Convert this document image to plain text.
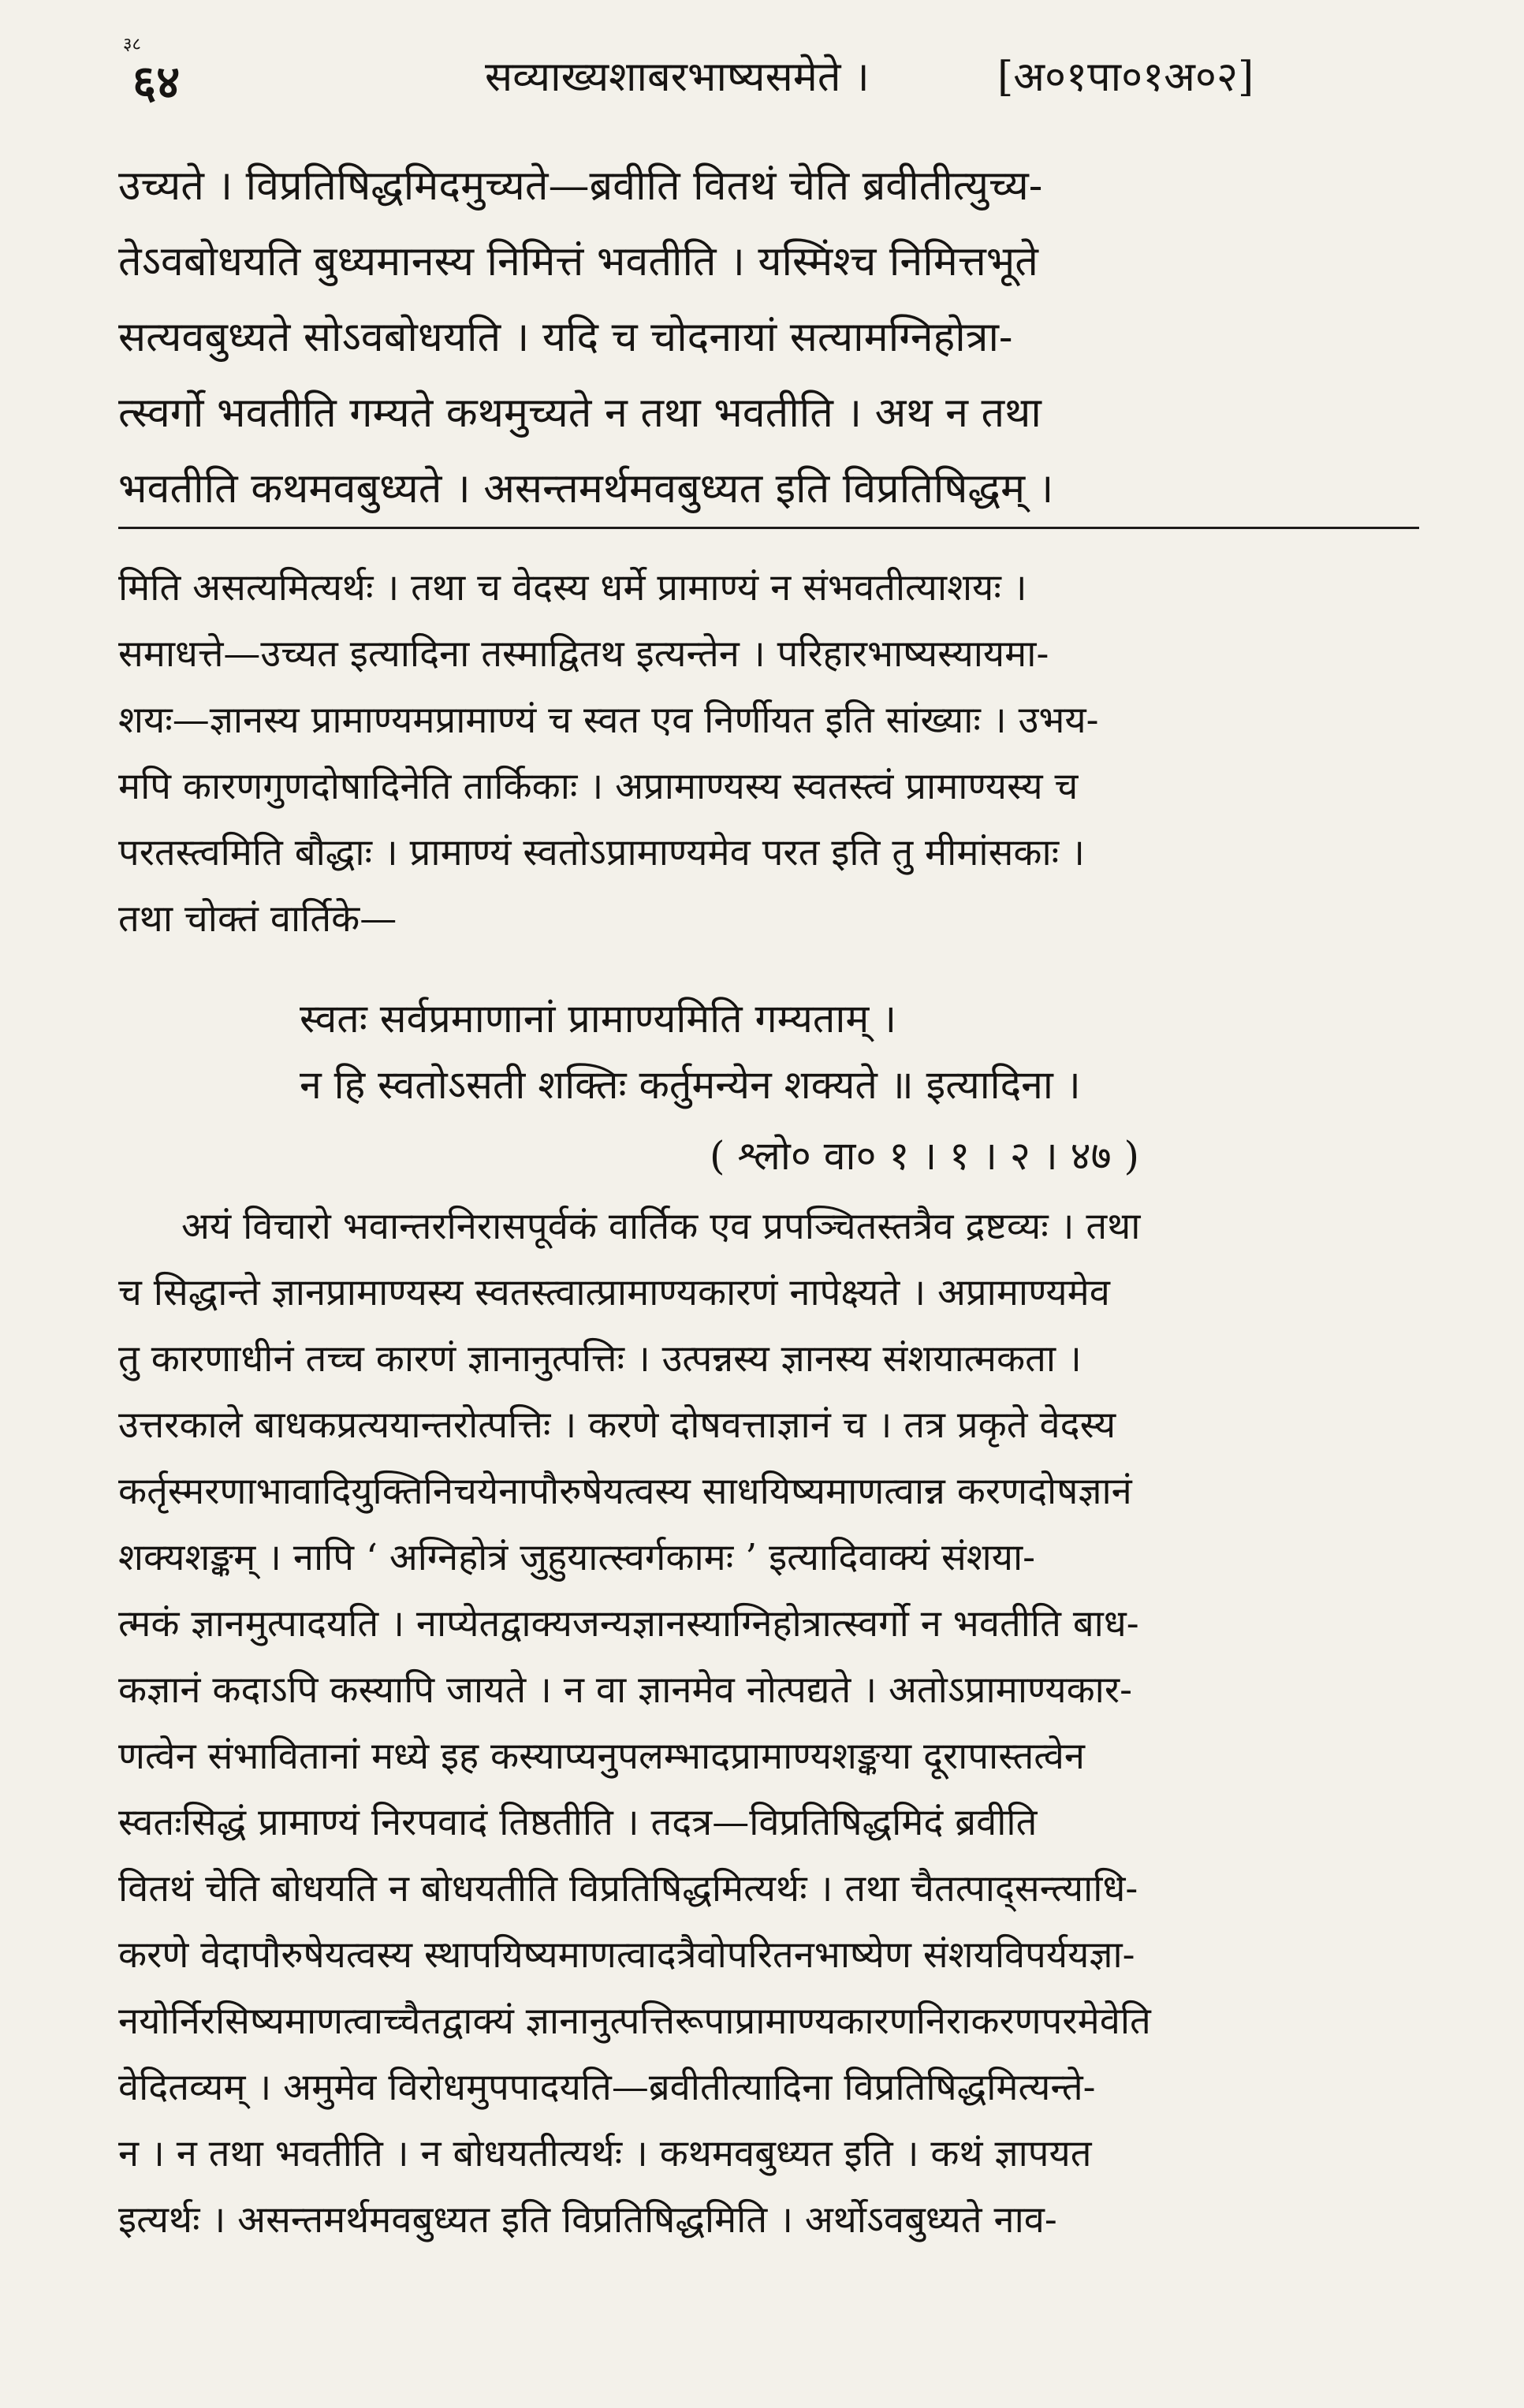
३८
६४	सव्याख्यशाबरभाष्यसमेते ।	[अ०१पा०१अ०२]
उच्यते । विप्रतिषिद्धमिदमुच्यते—ब्रवीति वितथं चेति ब्रवीतीत्युच्य-
तेऽवबोधयति बुध्यमानस्य निमित्तं भवतीति । यस्मिंश्च निमित्तभूते
सत्यवबुध्यते सोऽवबोधयति । यदि च चोदनायां सत्यामग्निहोत्रा-
त्स्वर्गो भवतीति गम्यते कथमुच्यते न तथा भवतीति । अथ न तथा
भवतीति कथमवबुध्यते । असन्तमर्थमवबुध्यत इति विप्रतिषिद्धम् ।
मिति असत्यमित्यर्थः । तथा च वेदस्य धर्मे प्रामाण्यं न संभवतीत्याशयः ।
समाधत्ते—उच्यत इत्यादिना तस्माद्वितथ इत्यन्तेन । परिहारभाष्यस्यायमा-
शयः—ज्ञानस्य प्रामाण्यमप्रामाण्यं च स्वत एव निर्णीयत इति सांख्याः । उभय-
मपि कारणगुणदोषादिनेति तार्किकाः । अप्रामाण्यस्य स्वतस्त्वं प्रामाण्यस्य च
परतस्त्वमिति बौद्धाः । प्रामाण्यं स्वतोऽप्रामाण्यमेव परत इति तु मीमांसकाः ।
तथा चोक्तं वार्तिके—
स्वतः सर्वप्रमाणानां प्रामाण्यमिति गम्यताम् ।
न हि स्वतोऽसती शक्तिः कर्तुमन्येन शक्यते ॥ इत्यादिना ।
( श्लो० वा० १ । १ । २ । ४७ )
अयं विचारो भवान्तरनिरासपूर्वकं वार्तिक एव प्रपञ्चितस्तत्रैव द्रष्टव्यः । तथा
च सिद्धान्ते ज्ञानप्रामाण्यस्य स्वतस्त्वात्प्रामाण्यकारणं नापेक्ष्यते । अप्रामाण्यमेव
तु कारणाधीनं तच्च कारणं ज्ञानानुत्पत्तिः । उत्पन्नस्य ज्ञानस्य संशयात्मकता ।
उत्तरकाले बाधकप्रत्ययान्तरोत्पत्तिः । करणे दोषवत्ताज्ञानं च । तत्र प्रकृते वेदस्य
कर्तृस्मरणाभावादियुक्तिनिचयेनापौरुषेयत्वस्य साधयिष्यमाणत्वान्न करणदोषज्ञानं
शक्यशङ्कम् । नापि ‘ अग्निहोत्रं जुहुयात्स्वर्गकामः ’ इत्यादिवाक्यं संशया-
त्मकं ज्ञानमुत्पादयति । नाप्येतद्वाक्यजन्यज्ञानस्याग्निहोत्रात्स्वर्गो न भवतीति बाध-
कज्ञानं कदाऽपि कस्यापि जायते । न वा ज्ञानमेव नोत्पद्यते । अतोऽप्रामाण्यकार-
णत्वेन संभावितानां मध्ये इह कस्याप्यनुपलम्भादप्रामाण्यशङ्कया दूरापास्तत्वेन
स्वतःसिद्धं प्रामाण्यं निरपवादं तिष्ठतीति । तदत्र—विप्रतिषिद्धमिदं ब्रवीति
वितथं चेति बोधयति न बोधयतीति विप्रतिषिद्धमित्यर्थः । तथा चैतत्पाद्सन्त्याधि-
करणे वेदापौरुषेयत्वस्य स्थापयिष्यमाणत्वादत्रैवोपरितनभाष्येण संशयविपर्ययज्ञा-
नयोर्निरसिष्यमाणत्वाच्चैतद्वाक्यं ज्ञानानुत्पत्तिरूपाप्रामाण्यकारणनिराकरणपरमेवेति
वेदितव्यम् । अमुमेव विरोधमुपपादयति—ब्रवीतीत्यादिना विप्रतिषिद्धमित्यन्ते-
न । न तथा भवतीति । न बोधयतीत्यर्थः । कथमवबुध्यत इति । कथं ज्ञापयत
इत्यर्थः । असन्तमर्थमवबुध्यत इति विप्रतिषिद्धमिति । अर्थोऽवबुध्यते नाव-
